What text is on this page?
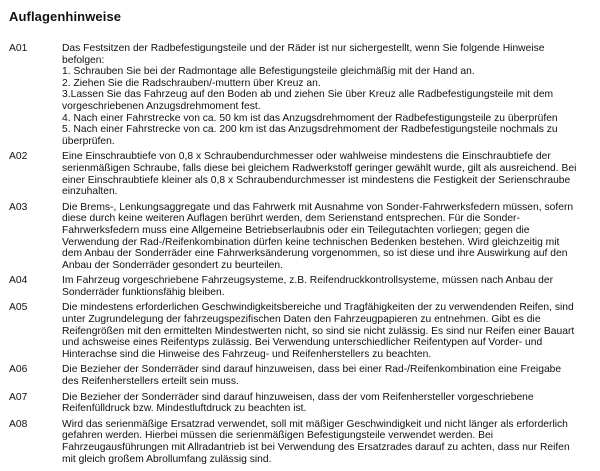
Auflagenhinweise
A01	Das Festsitzen der Radbefestigungsteile und der Räder ist nur sichergestellt, wenn Sie folgende Hinweise befolgen:

1. Schrauben Sie bei der Radmontage alle Befestigungsteile gleichmäßig mit der Hand an.

2. Ziehen Sie die Radschrauben/-muttern über Kreuz an.

3.Lassen Sie das Fahrzeug auf den Boden ab und ziehen Sie über Kreuz alle Radbefestigungsteile mit dem vorgeschriebenen Anzugsdrehmoment fest.

4. Nach einer Fahrstrecke von ca. 50 km ist das Anzugsdrehmoment der Radbefestigungsteile zu überprüfen

5. Nach einer Fahrstrecke von ca. 200 km ist das Anzugsdrehmoment der Radbefestigungsteile nochmals zu überprüfen.

A02	Eine Einschraubtiefe von 0,8 x Schraubendurchmesser oder wahlweise mindestens die Einschraubtiefe der serienmäßigen Schraube, falls diese bei gleichem Radwerkstoff geringer gewählt wurde, gilt als ausreichend. Bei einer Einschraubtiefe kleiner als 0,8 x Schraubendurchmesser ist mindestens die Festigkeit der Serienschraube einzuhalten.

A03	Die Brems-, Lenkungsaggregate und das Fahrwerk mit Ausnahme von Sonder-Fahrwerksfedern müssen, sofern diese durch keine weiteren Auflagen berührt werden, dem Serienstand entsprechen. Für die Sonder-Fahrwerksfedern muss eine Allgemeine Betriebserlaubnis oder ein Teilegutachten vorliegen; gegen die Verwendung der Rad-/Reifenkombination dürfen keine technischen Bedenken bestehen. Wird gleichzeitig mit dem Anbau der Sonderräder eine Fahrwerksänderung vorgenommen, so ist diese und ihre Auswirkung auf den Anbau der Sonderräder gesondert zu beurteilen.

A04	Im Fahrzeug vorgeschriebene Fahrzeugsysteme, z.B. Reifendruckkontrollsysteme, müssen nach Anbau der Sonderräder funktionsfähig bleiben.

A05	Die mindestens erforderlichen Geschwindigkeitsbereiche und Tragfähigkeiten der zu verwendenden Reifen, sind unter Zugrundelegung der fahrzeugspezifischen Daten den Fahrzeugpapieren zu entnehmen. Gibt es die Reifengrößen mit den ermittelten Mindestwerten nicht, so sind sie nicht zulässig. Es sind nur Reifen einer Bauart und achsweise eines Reifentyps zulässig. Bei Verwendung unterschiedlicher Reifentypen auf Vorder- und Hinterachse sind die Hinweise des Fahrzeug- und Reifenherstellers zu beachten.

A06	Die Bezieher der Sonderräder sind darauf hinzuweisen, dass bei einer Rad-/Reifenkombination eine Freigabe des Reifenherstellers erteilt sein muss.

A07	Die Bezieher der Sonderräder sind darauf hinzuweisen, dass der vom Reifenhersteller vorgeschriebene Reifenfülldruck bzw. Mindestluftdruck zu beachten ist.

A08	Wird das serienmäßige Ersatzrad verwendet, soll mit mäßiger Geschwindigkeit und nicht länger als erforderlich gefahren werden. Hierbei müssen die serienmäßigen Befestigungsteile verwendet werden. Bei Fahrzeugausführungen mit Allradantrieb ist bei Verwendung des Ersatzrades darauf zu achten, dass nur Reifen mit gleich großem Abrollumfang zulässig sind.
